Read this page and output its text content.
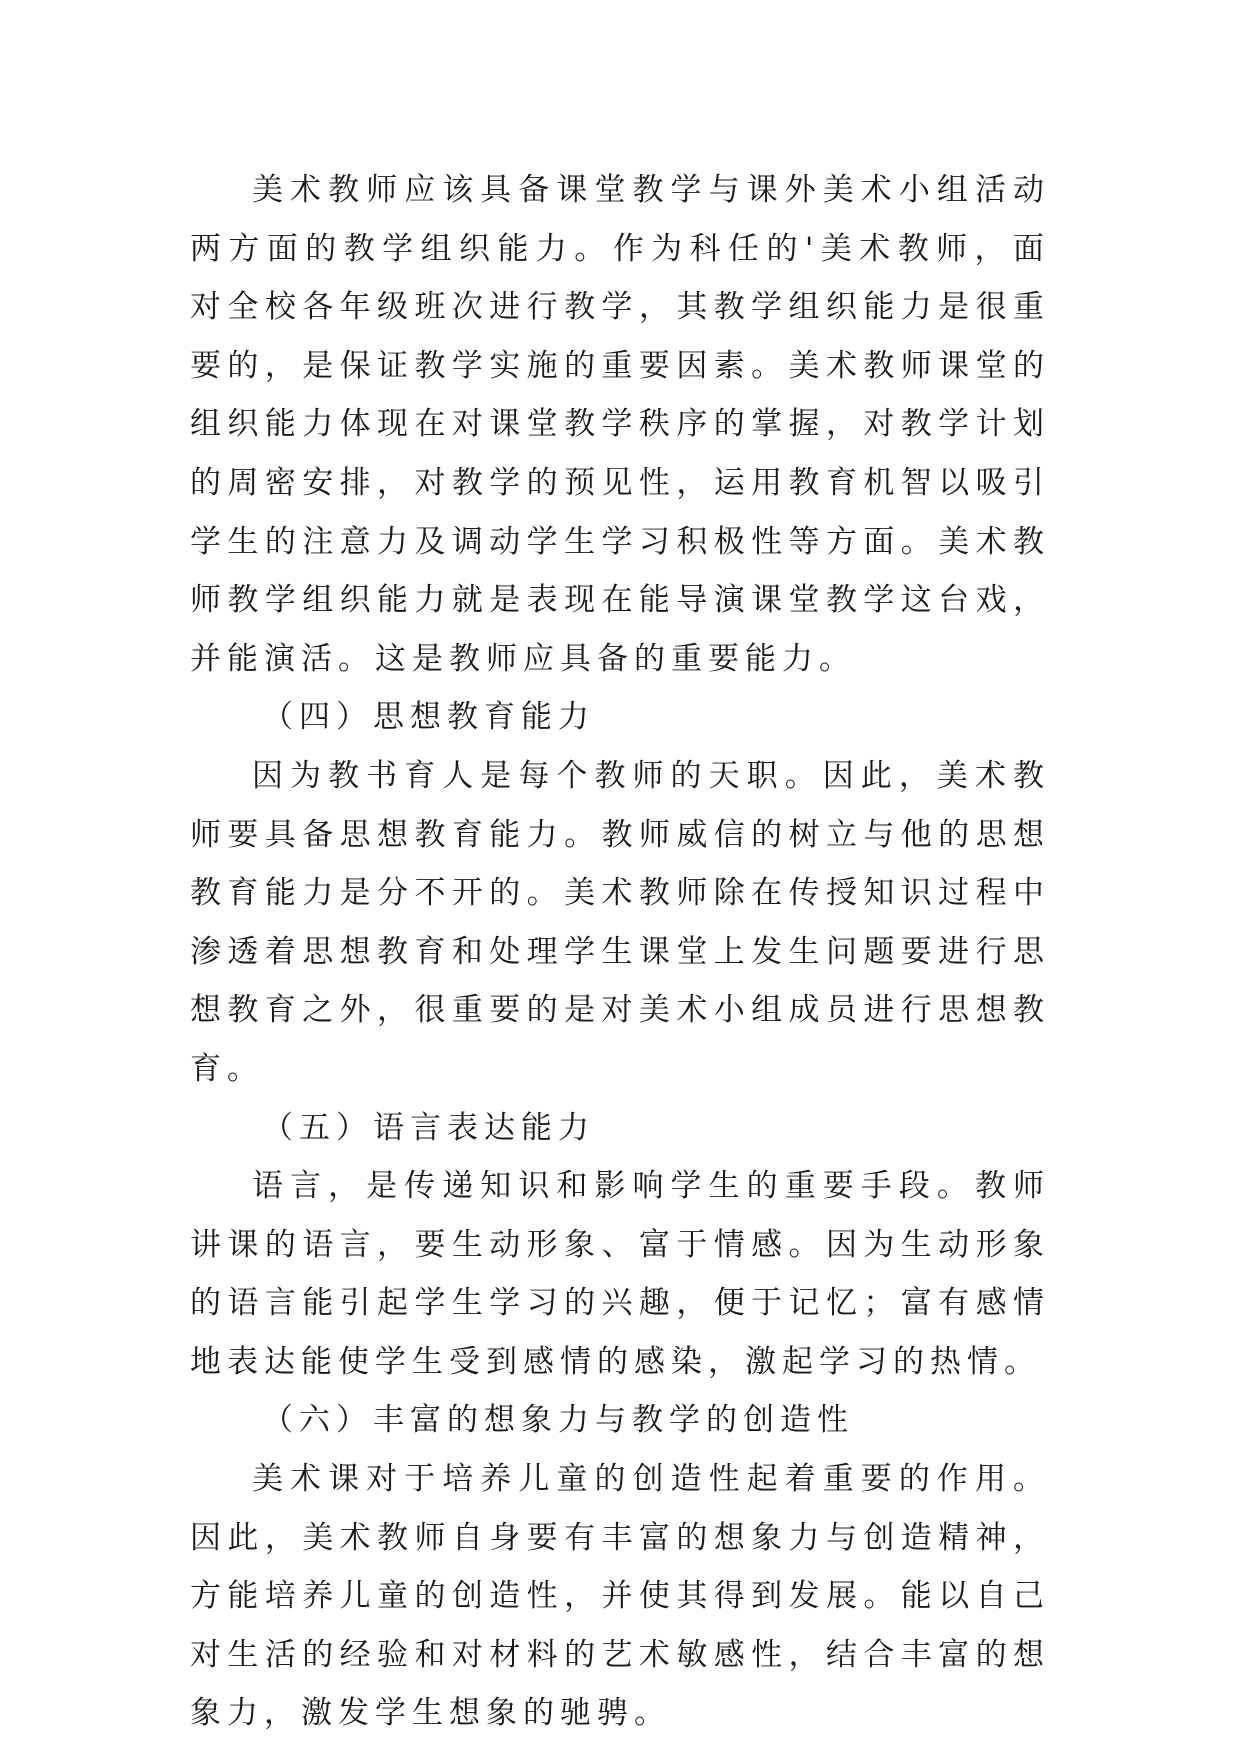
美术教师应该具备课堂教学与课外美术小组活动两方面的教学组织能力。作为科任的'美术教师，面对全校各年级班次进行教学，其教学组织能力是很重要的，是保证教学实施的重要因素。美术教师课堂的组织能力体现在对课堂教学秩序的掌握，对教学计划的周密安排，对教学的预见性，运用教育机智以吸引学生的注意力及调动学生学习积极性等方面。美术教师教学组织能力就是表现在能导演课堂教学这台戏，并能演活。这是教师应具备的重要能力。

（四）思想教育能力

因为教书育人是每个教师的天职。因此，美术教师要具备思想教育能力。教师威信的树立与他的思想教育能力是分不开的。美术教师除在传授知识过程中渗透着思想教育和处理学生课堂上发生问题要进行思想教育之外，很重要的是对美术小组成员进行思想教育。

（五）语言表达能力

语言，是传递知识和影响学生的重要手段。教师讲课的语言，要生动形象、富于情感。因为生动形象的语言能引起学生学习的兴趣，便于记忆；富有感情地表达能使学生受到感情的感染，激起学习的热情。

（六）丰富的想象力与教学的创造性

美术课对于培养儿童的创造性起着重要的作用。因此，美术教师自身要有丰富的想象力与创造精神，方能培养儿童的创造性，并使其得到发展。能以自己对生活的经验和对材料的艺术敏感性，结合丰富的想象力，激发学生想象的驰骋。
